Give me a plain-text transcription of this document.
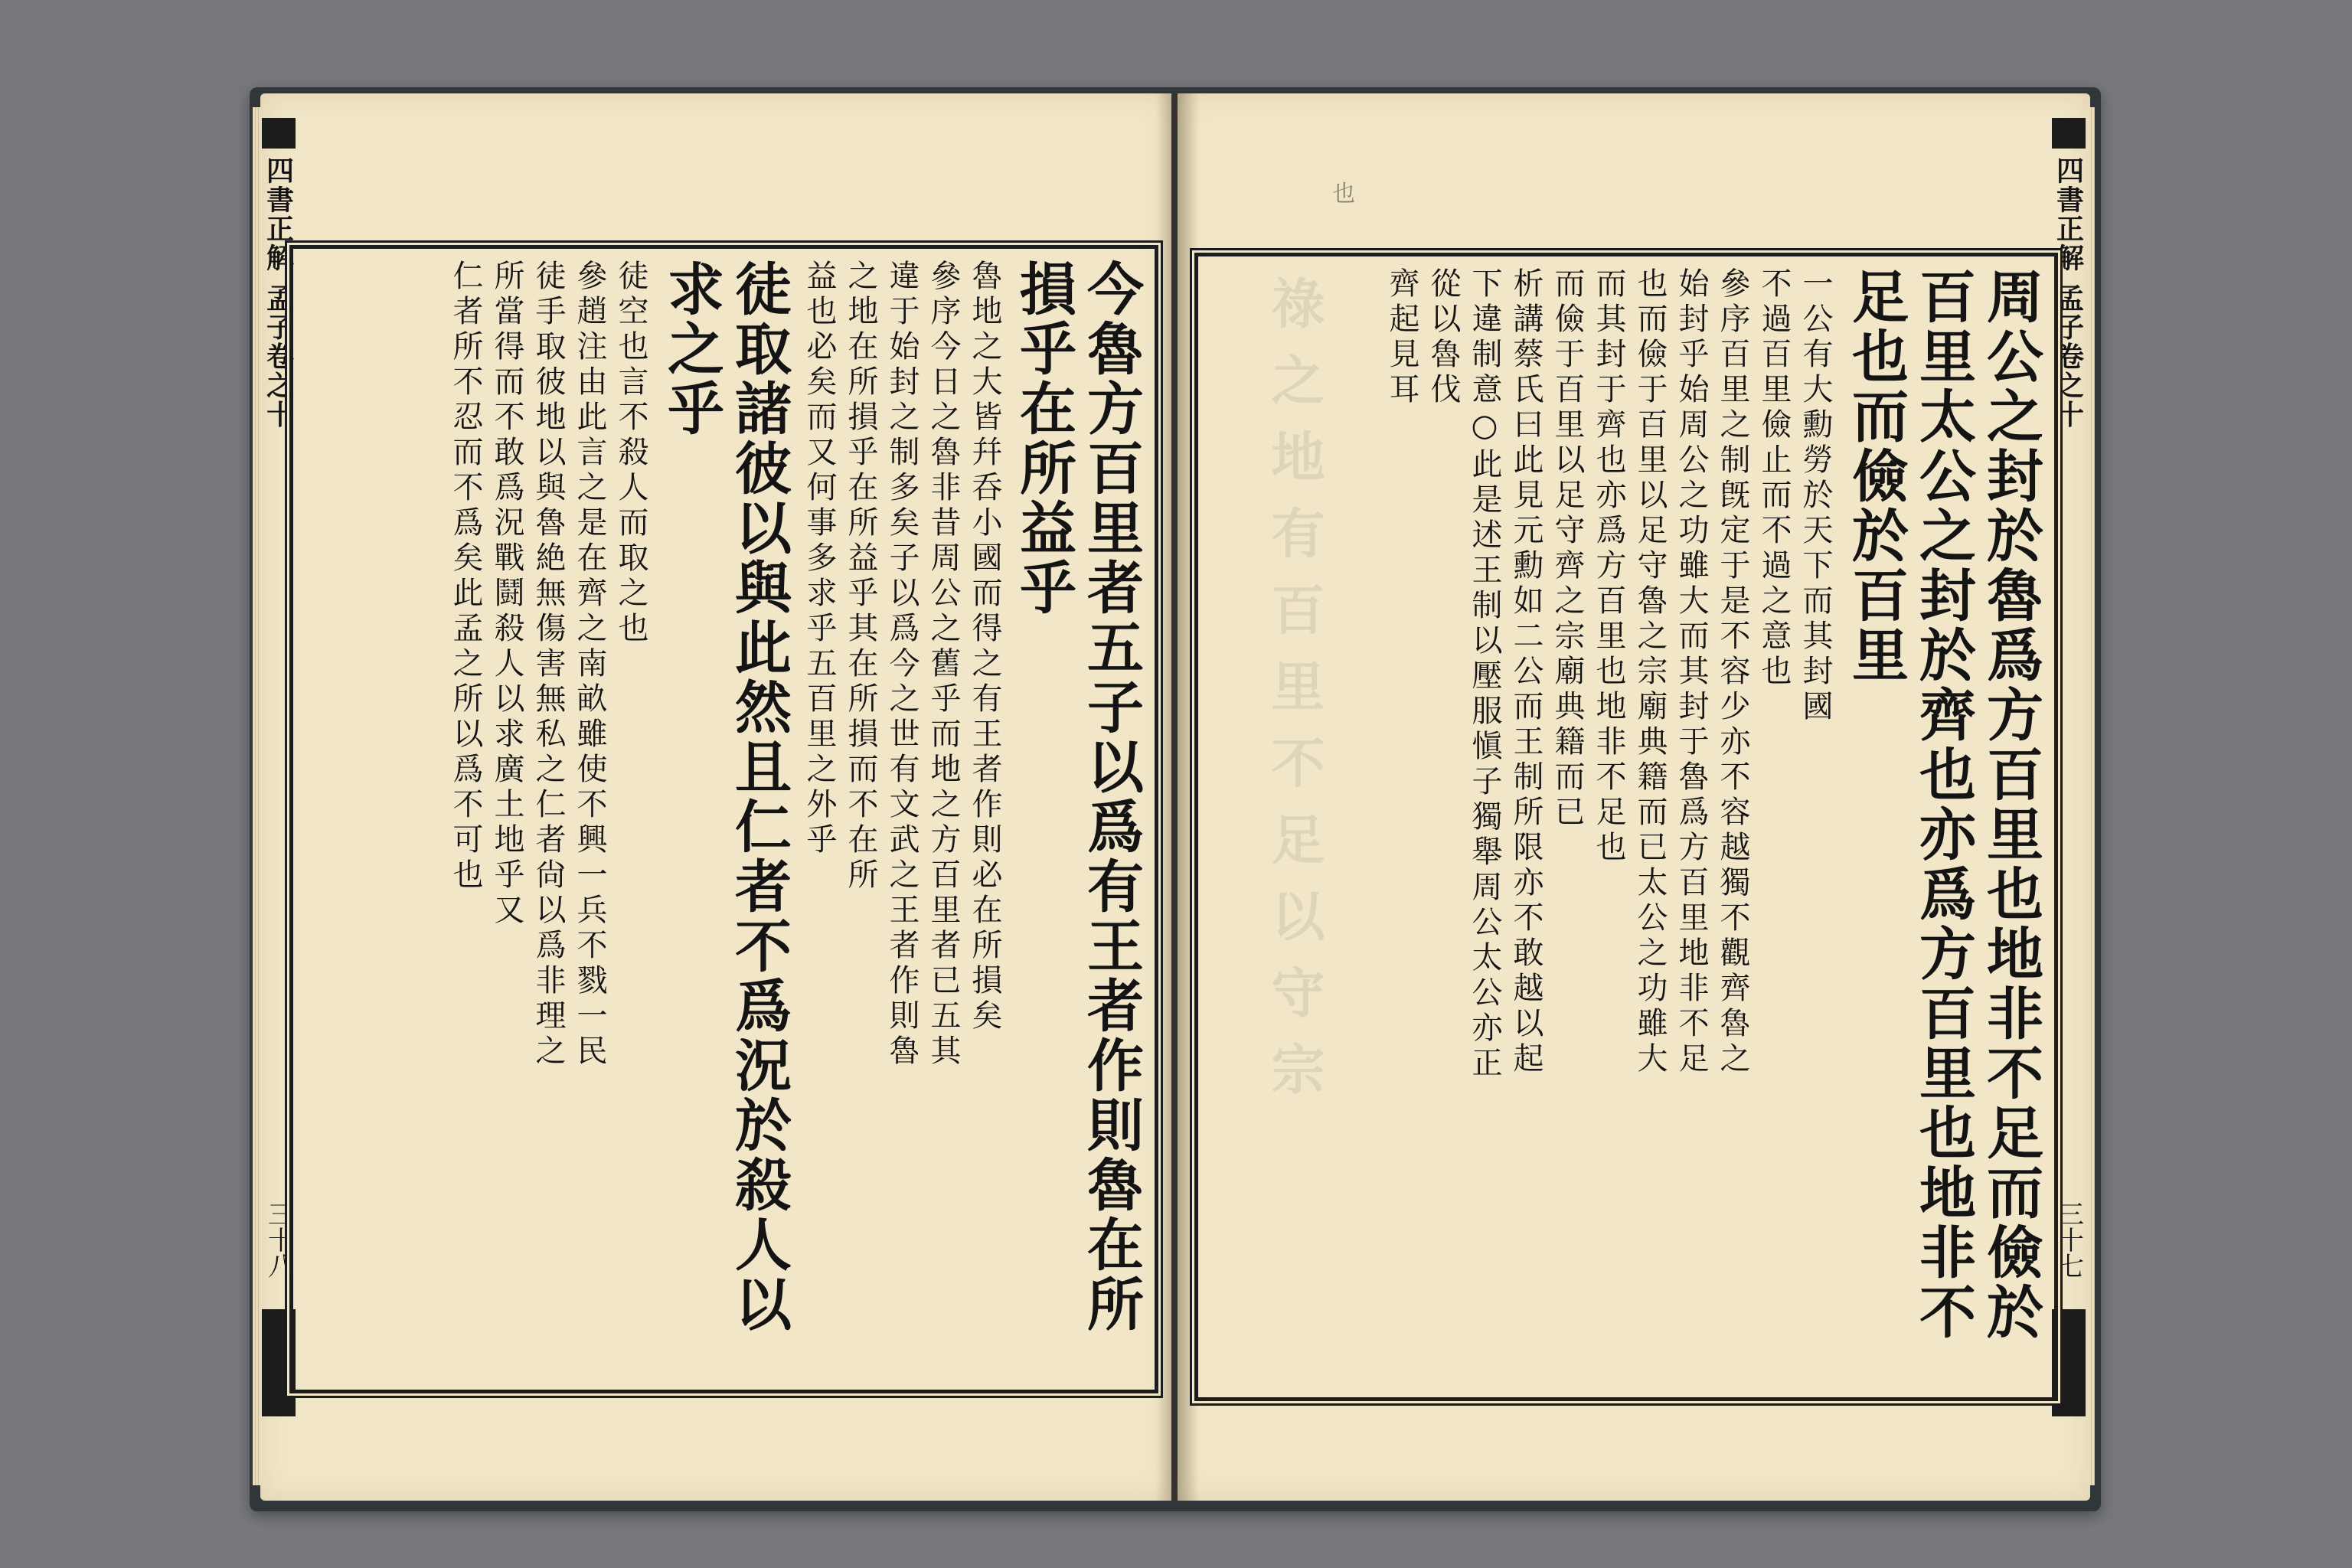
祿之地有百里不足以守宗
四書正解 孟子卷之十
三十八
四書正解 孟子卷之十
三十七
也
今魯方百里者五子以爲有王者作則魯在所
損乎在所益乎
魯地之大皆幷呑小國而得之有王者作則必在所損矣
參序今日之魯非昔周公之舊乎而地之方百里者已五其
違于始封之制多矣子以爲今之世有文武之王者作則魯
之地在所損乎在所益乎其在所損而不在所
益也必矣而又何事多求乎五百里之外乎
徒取諸彼以與此然且仁者不爲況於殺人以
求之乎
徒空也言不殺人而取之也
參趙注由此言之是在齊之南畝雖使不興一兵不戮一民
徒手取彼地以與魯絶無傷害無私之仁者尙以爲非理之
所當得而不敢爲況戰鬪殺人以求廣土地乎又
仁者所不忍而不爲矣此孟之所以爲不可也	周公之封於魯爲方百里也地非不足而儉於
百里太公之封於齊也亦爲方百里也地非不
足也而儉於百里
一公有大勳勞於天下而其封國
不過百里儉止而不過之意也
參序百里之制旣定于是不容少亦不容越獨不觀齊魯之
始封乎始周公之功雖大而其封于魯爲方百里地非不足
也而儉于百里以足守魯之宗廟典籍而已太公之功雖大
而其封于齊也亦爲方百里也地非不足也
而儉于百里以足守齊之宗廟典籍而已
析講蔡氏曰此見元勳如二公而王制所限亦不敢越以起
下違制意○此是述王制以壓服愼子獨舉周公太公亦正
從以魯伐
齊起見耳
